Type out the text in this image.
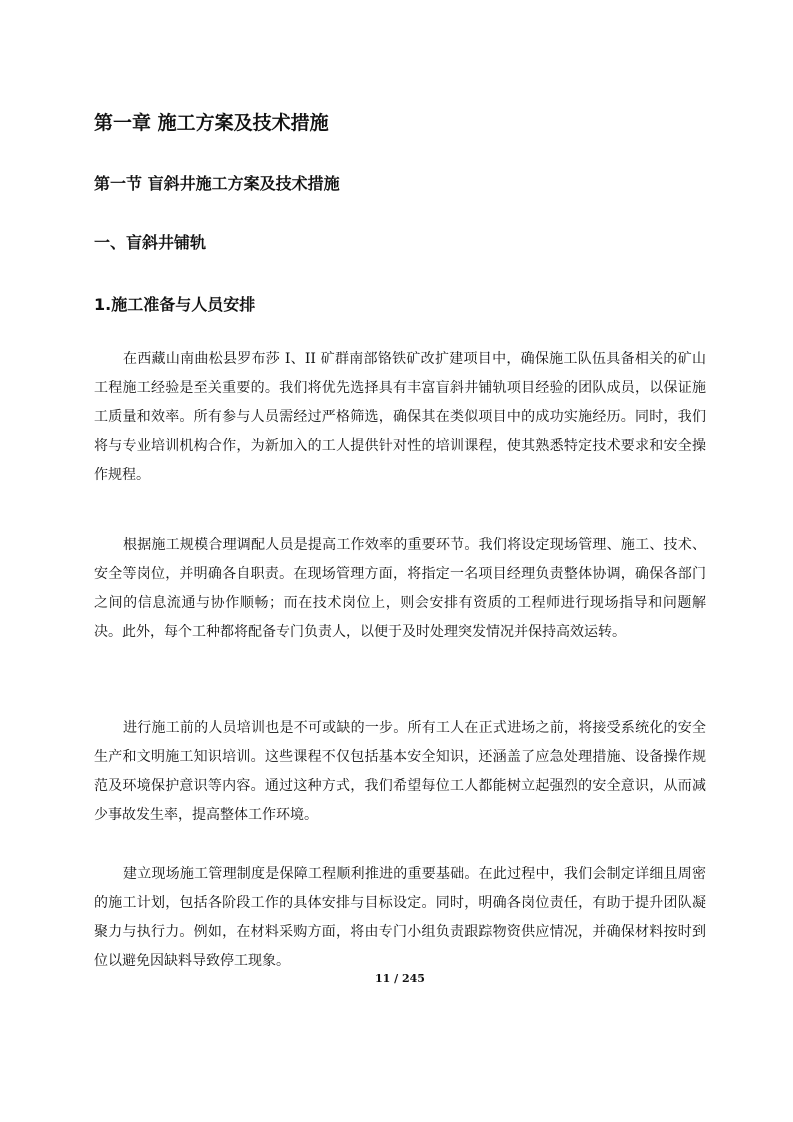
第一章 施工方案及技术措施
第一节 盲斜井施工方案及技术措施
一、盲斜井铺轨
1.施工准备与人员安排

在西藏山南曲松县罗布莎 I、II 矿群南部铬铁矿改扩建项目中，确保施工队伍具备相关的矿山工程施工经验是至关重要的。我们将优先选择具有丰富盲斜井铺轨项目经验的团队成员，以保证施工质量和效率。所有参与人员需经过严格筛选，确保其在类似项目中的成功实施经历。同时，我们将与专业培训机构合作，为新加入的工人提供针对性的培训课程，使其熟悉特定技术要求和安全操作规程。

根据施工规模合理调配人员是提高工作效率的重要环节。我们将设定现场管理、施工、技术、安全等岗位，并明确各自职责。在现场管理方面，将指定一名项目经理负责整体协调，确保各部门之间的信息流通与协作顺畅；而在技术岗位上，则会安排有资质的工程师进行现场指导和问题解决。此外，每个工种都将配备专门负责人，以便于及时处理突发情况并保持高效运转。

进行施工前的人员培训也是不可或缺的一步。所有工人在正式进场之前，将接受系统化的安全生产和文明施工知识培训。这些课程不仅包括基本安全知识，还涵盖了应急处理措施、设备操作规范及环境保护意识等内容。通过这种方式，我们希望每位工人都能树立起强烈的安全意识，从而减少事故发生率，提高整体工作环境。

建立现场施工管理制度是保障工程顺利推进的重要基础。在此过程中，我们会制定详细且周密的施工计划，包括各阶段工作的具体安排与目标设定。同时，明确各岗位责任，有助于提升团队凝聚力与执行力。例如，在材料采购方面，将由专门小组负责跟踪物资供应情况，并确保材料按时到位以避免因缺料导致停工现象。

11 / 245
